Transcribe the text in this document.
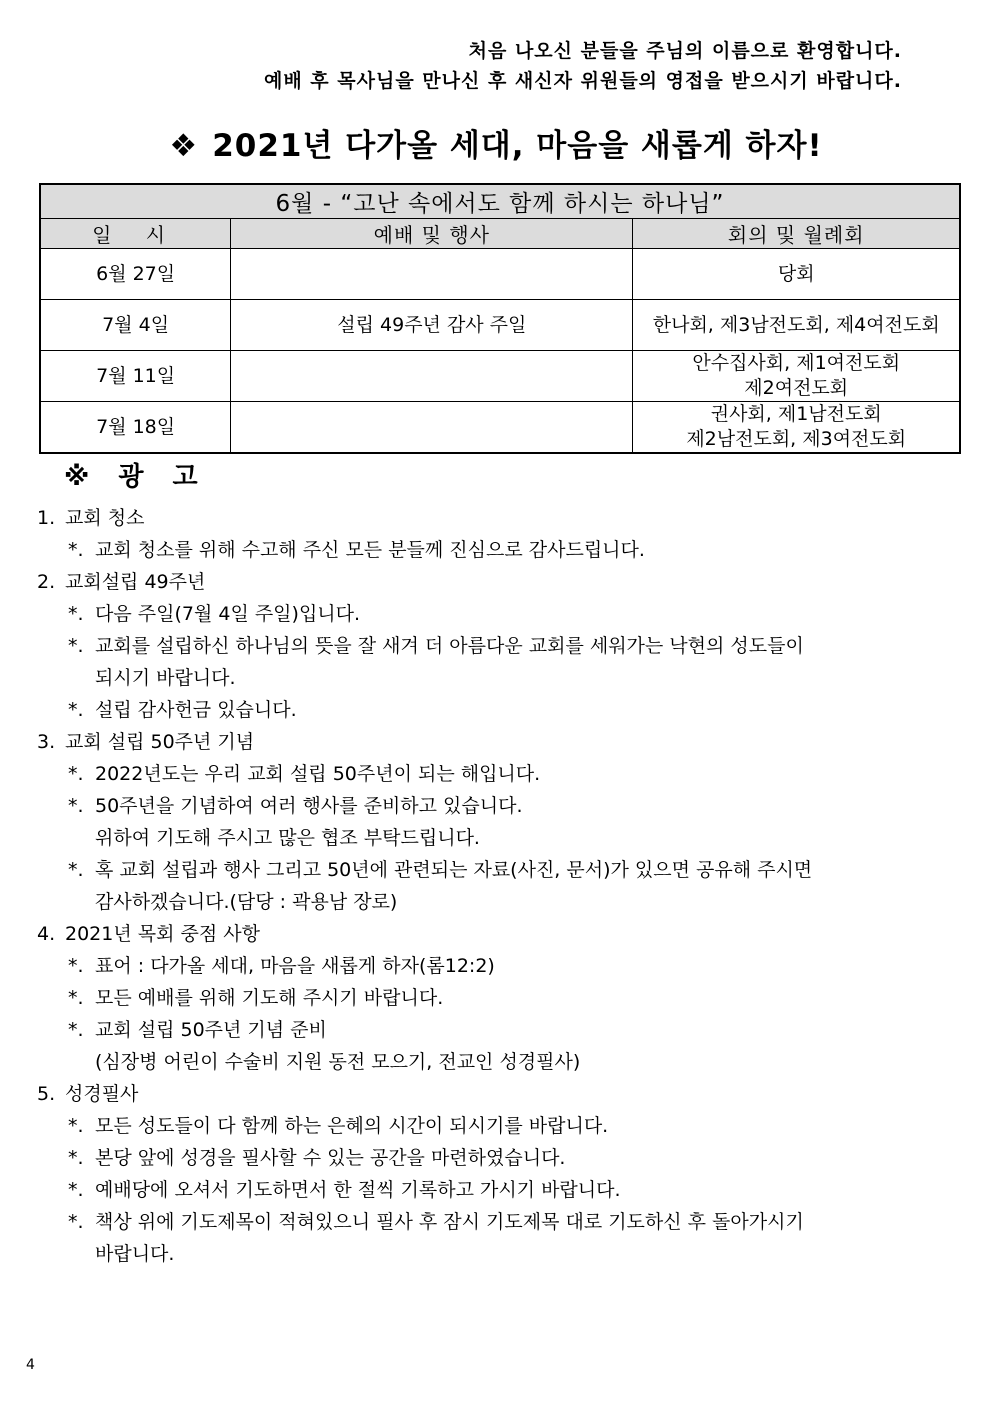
처음 나오신 분들을 주님의 이름으로 환영합니다.
예배 후 목사님을 만나신 후 새신자 위원들의 영접을 받으시기 바랍니다.
❖ 2021년 다가올 세대, 마음을 새롭게 하자!
6월 - “고난 속에서도 함께 하시는 하나님”		
일 시	예배 및 행사	회의 및 월례회
6월 27일		당회
7월 4일	설립 49주년 감사 주일	한나회, 제3남전도회, 제4여전도회
7월 11일		안수집사회, 제1여전도회
제2여전도회
7월 18일		권사회, 제1남전도회
제2남전도회, 제3여전도회
※ 광 고
1. 교회 청소
*. 교회 청소를 위해 수고해 주신 모든 분들께 진심으로 감사드립니다.
2. 교회설립 49주년
*. 다음 주일(7월 4일 주일)입니다.
*. 교회를 설립하신 하나님의 뜻을 잘 새겨 더 아름다운 교회를 세워가는 낙현의 성도들이
되시기 바랍니다.
*. 설립 감사헌금 있습니다.
3. 교회 설립 50주년 기념
*. 2022년도는 우리 교회 설립 50주년이 되는 해입니다.
*. 50주년을 기념하여 여러 행사를 준비하고 있습니다.
위하여 기도해 주시고 많은 협조 부탁드립니다.
*. 혹 교회 설립과 행사 그리고 50년에 관련되는 자료(사진, 문서)가 있으면 공유해 주시면
감사하겠습니다.(담당 : 곽용남 장로)
4. 2021년 목회 중점 사항
*. 표어 : 다가올 세대, 마음을 새롭게 하자(롬12:2)
*. 모든 예배를 위해 기도해 주시기 바랍니다.
*. 교회 설립 50주년 기념 준비
(심장병 어린이 수술비 지원 동전 모으기, 전교인 성경필사)
5. 성경필사
*. 모든 성도들이 다 함께 하는 은혜의 시간이 되시기를 바랍니다.
*. 본당 앞에 성경을 필사할 수 있는 공간을 마련하였습니다.
*. 예배당에 오셔서 기도하면서 한 절씩 기록하고 가시기 바랍니다.
*. 책상 위에 기도제목이 적혀있으니 필사 후 잠시 기도제목 대로 기도하신 후 돌아가시기
바랍니다.
4
